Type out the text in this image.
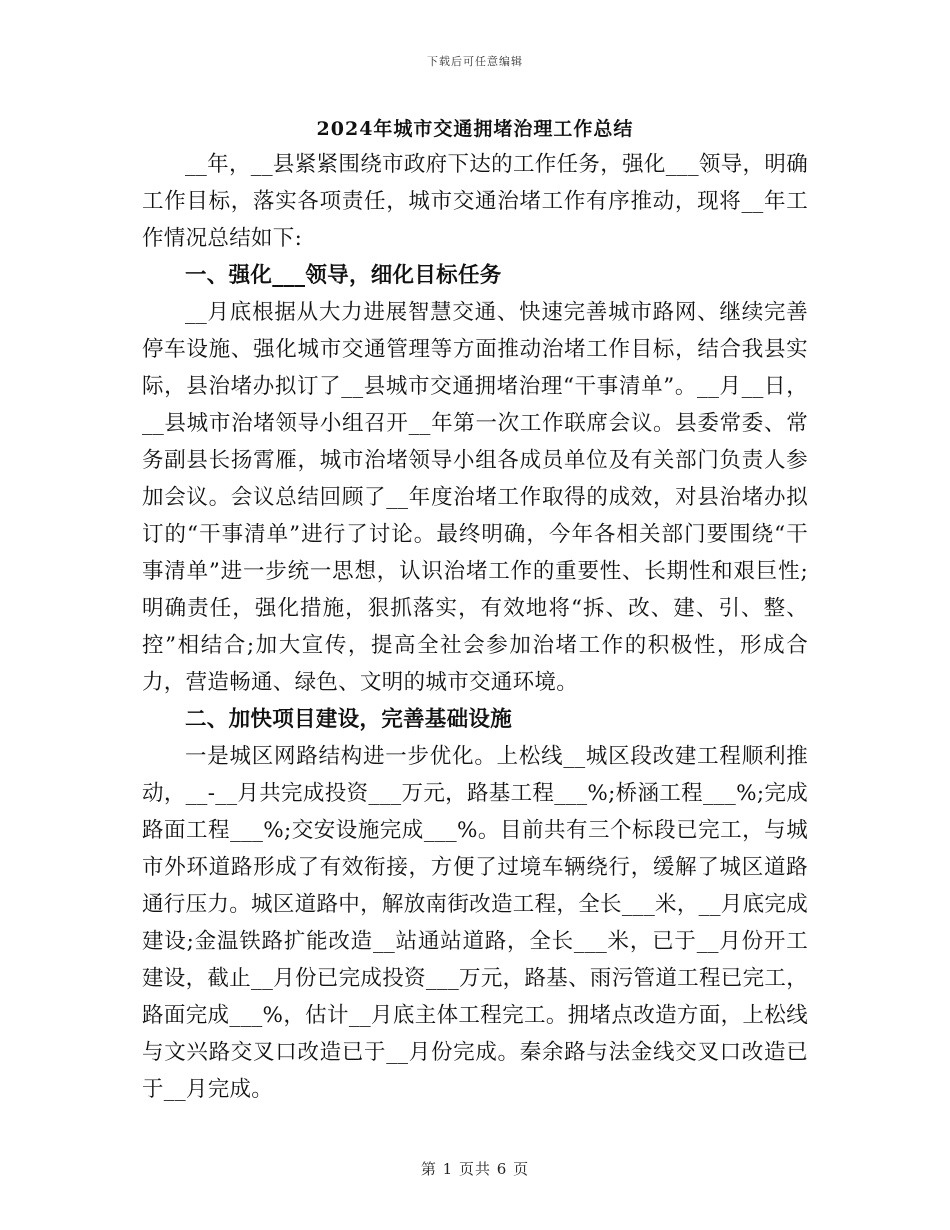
下载后可任意编辑
2024年城市交通拥堵治理工作总结

__年，__县紧紧围绕市政府下达的工作任务，强化___领导，明确工作目标，落实各项责任，城市交通治堵工作有序推动，现将__年工作情况总结如下:

一、强化___领导，细化目标任务

__月底根据从大力进展智慧交通、快速完善城市路网、继续完善停车设施、强化城市交通管理等方面推动治堵工作目标，结合我县实际，县治堵办拟订了__县城市交通拥堵治理“干事清单”。__月__日，__县城市治堵领导小组召开__年第一次工作联席会议。县委常委、常务副县长扬霄雁，城市治堵领导小组各成员单位及有关部门负责人参加会议。会议总结回顾了__年度治堵工作取得的成效，对县治堵办拟订的“干事清单”进行了讨论。最终明确，今年各相关部门要围绕“干事清单”进一步统一思想，认识治堵工作的重要性、长期性和艰巨性;明确责任，强化措施，狠抓落实，有效地将“拆、改、建、引、整、控”相结合;加大宣传，提高全社会参加治堵工作的积极性，形成合力，营造畅通、绿色、文明的城市交通环境。

二、加快项目建设，完善基础设施

一是城区网路结构进一步优化。上松线__城区段改建工程顺利推动，__-__月共完成投资___万元，路基工程___%;桥涵工程___%;完成路面工程___%;交安设施完成___%。目前共有三个标段已完工，与城市外环道路形成了有效衔接，方便了过境车辆绕行，缓解了城区道路通行压力。城区道路中，解放南街改造工程，全长___米，__月底完成建设;金温铁路扩能改造__站通站道路，全长___米，已于__月份开工建设，截止__月份已完成投资___万元，路基、雨污管道工程已完工，路面完成___%，估计__月底主体工程完工。拥堵点改造方面，上松线与文兴路交叉口改造已于__月份完成。秦余路与法金线交叉口改造已于__月完成。

第 1 页共 6 页
